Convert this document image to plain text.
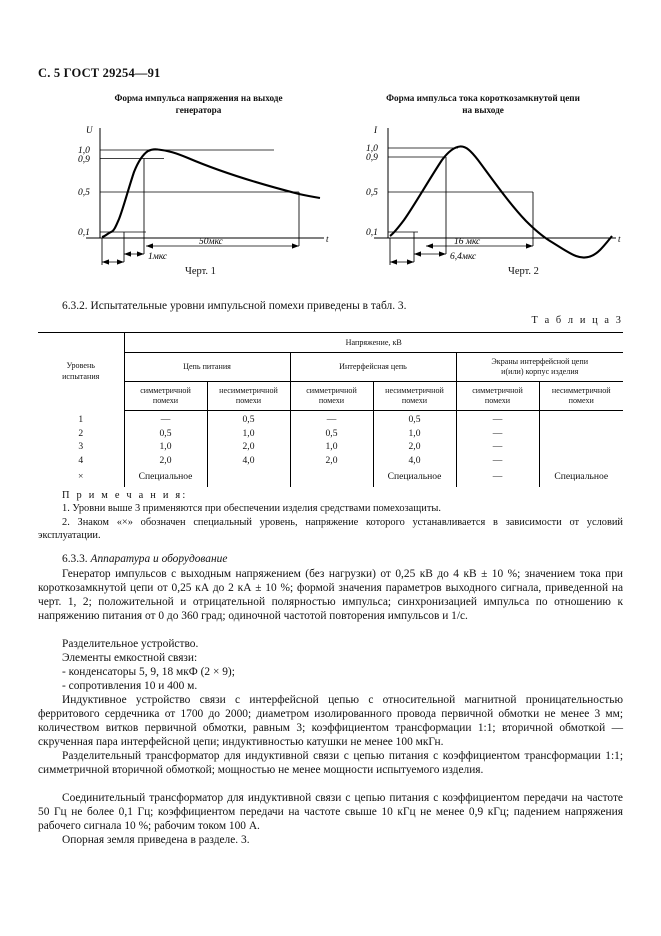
С. 5 ГОСТ 29254—91
Форма импульса напряжения на выходе
генератора
U
1,0
0,9
0,5
0,1
t
50мкс
1мкс
Форма импульса тока короткозамкнутой цепи
на выходе
I
1,0
0,9
0,5
0,1
t
16 мкс
6,4мкс
Черт. 1	Черт. 2
6.3.2. Испытательные уровни импульсной помехи приведены в табл. 3.
Т а б л и ц а 3
Уровень
испытания	Напряжение, кВ					
	Цепь питания		Интерфейсная цепь		Экраны интерфейсной цепи
и(или) корпус изделия	
	симметричной
помехи	несимметричной
помехи	симметричной
помехи	несимметричной
помехи	симметричной
помехи	несимметричной
помехи
1	—	0,5	—	0,5	—	
2	0,5	1,0	0,5	1,0	—	
3	1,0	2,0	1,0	2,0	—	
4	2,0	4,0	2,0	4,0	—	
×	Специальное			Специальное	—	Специальное
П р и м е ч а н и я:
1. Уровни выше 3 применяются при обеспечении изделия средствами помехозащиты.
2. Знаком «×» обозначен специальный уровень, напряжение которого устанавливается в зависимости от условий эксплуатации.
6.3.3. Аппаратура и оборудование
Генератор импульсов с выходным напряжением (без нагрузки) от 0,25 кВ до 4 кВ ± 10 %; значением тока при короткозамкнутой цепи от 0,25 кА до 2 кА ± 10 %; формой значения параметров выходного сигнала, приведенной на черт. 1, 2; положительной и отрицательной полярностью импульса; синхронизацией импульса по отношению к напряжению питания от 0 до 360 град; одиночной частотой повторения импульсов и 1/с.
Разделительное устройство.
Элементы емкостной связи:
- конденсаторы 5, 9, 18 мкФ (2 × 9);
- сопротивления 10 и 400 м.
Индуктивное устройство связи с интерфейсной цепью с относительной магнитной проницательностью ферритового сердечника от 1700 до 2000; диаметром изолированного провода первичной обмотки не менее 3 мм; количеством витков первичной обмотки, равным 3; коэффициентом трансформации 1:1; вторичной обмоткой — скрученная пара интерфейсной цепи; индуктивностью катушки не менее 100 мкГн.
Разделительный трансформатор для индуктивной связи с цепью питания с коэффициентом трансформации 1:1; симметричной вторичной обмоткой; мощностью не менее мощности испытуемого изделия.
Соединительный трансформатор для индуктивной связи с цепью питания с коэффициентом передачи на частоте 50 Гц не более 0,1 Гц; коэффициентом передачи на частоте свыше 10 кГц не менее 0,9 кГц; падением напряжения рабочего сигнала 10 %; рабочим током 100 А.
Опорная земля приведена в разделе. 3.
